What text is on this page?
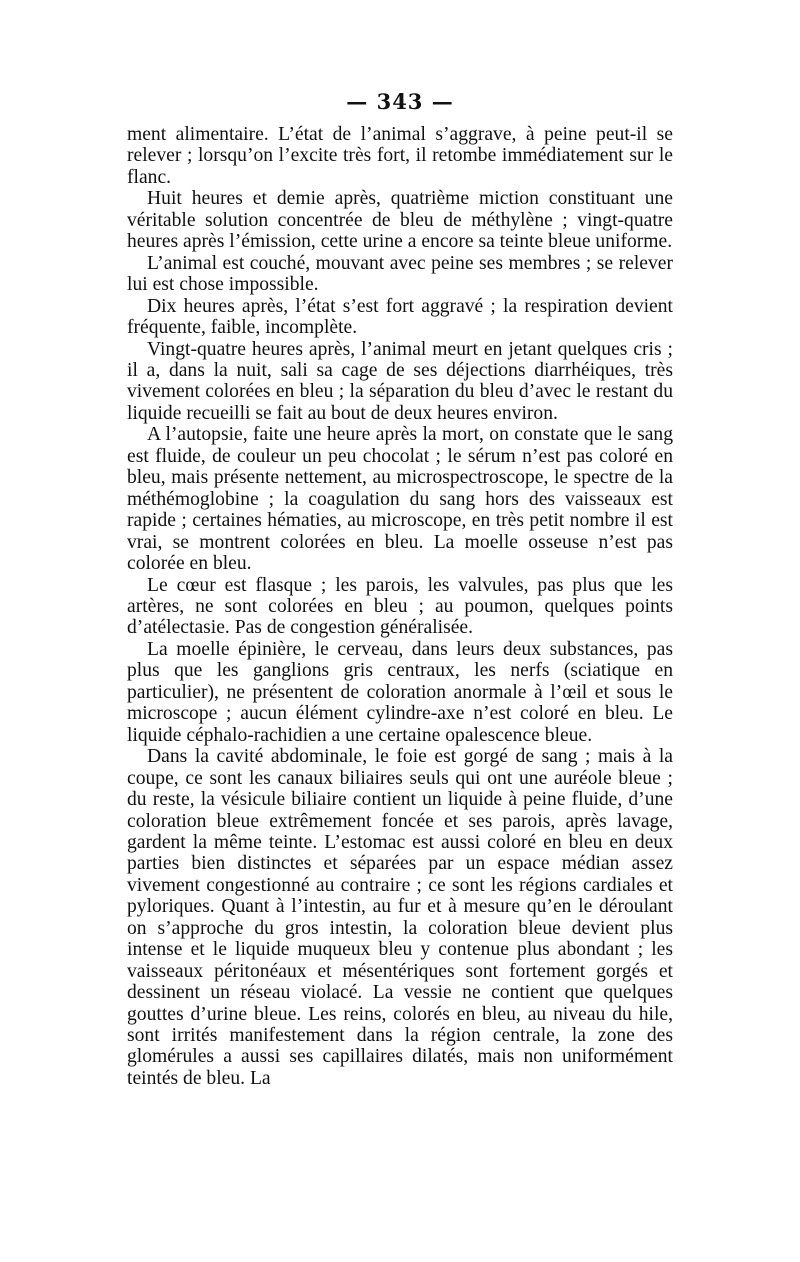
— 343 —

ment alimentaire. L’état de l’animal s’aggrave, à peine peut-il se relever ; lorsqu’on l’excite très fort, il retombe immédiatement sur le flanc.

Huit heures et demie après, quatrième miction constituant une véritable solution concentrée de bleu de méthylène ; vingt-quatre heures après l’émission, cette urine a encore sa teinte bleue uniforme.

L’animal est couché, mouvant avec peine ses membres ; se relever lui est chose impossible.

Dix heures après, l’état s’est fort aggravé ; la respiration devient fréquente, faible, incomplète.

Vingt-quatre heures après, l’animal meurt en jetant quelques cris ; il a, dans la nuit, sali sa cage de ses déjections diarrhéiques, très vivement colorées en bleu ; la séparation du bleu d’avec le restant du liquide recueilli se fait au bout de deux heures environ.

A l’autopsie, faite une heure après la mort, on constate que le sang est fluide, de couleur un peu chocolat ; le sérum n’est pas coloré en bleu, mais présente nettement, au microspectroscope, le spectre de la méthémoglobine ; la coagulation du sang hors des vaisseaux est rapide ; certaines hématies, au microscope, en très petit nombre il est vrai, se montrent colorées en bleu. La moelle osseuse n’est pas colorée en bleu.

Le cœur est flasque ; les parois, les valvules, pas plus que les artères, ne sont colorées en bleu ; au poumon, quelques points d’atélectasie. Pas de congestion généralisée.

La moelle épinière, le cerveau, dans leurs deux substances, pas plus que les ganglions gris centraux, les nerfs (sciatique en particulier), ne présentent de coloration anormale à l’œil et sous le microscope ; aucun élément cylindre-axe n’est coloré en bleu. Le liquide céphalo-rachidien a une certaine opalescence bleue.

Dans la cavité abdominale, le foie est gorgé de sang ; mais à la coupe, ce sont les canaux biliaires seuls qui ont une auréole bleue ; du reste, la vésicule biliaire contient un liquide à peine fluide, d’une coloration bleue extrêmement foncée et ses parois, après lavage, gardent la même teinte. L’estomac est aussi coloré en bleu en deux parties bien distinctes et séparées par un espace médian assez vivement congestionné au contraire ; ce sont les régions cardiales et pyloriques. Quant à l’intestin, au fur et à mesure qu’en le déroulant on s’approche du gros intestin, la coloration bleue devient plus intense et le liquide muqueux bleu y contenue plus abondant ; les vaisseaux péritonéaux et mésentériques sont fortement gorgés et dessinent un réseau violacé. La vessie ne contient que quelques gouttes d’urine bleue. Les reins, colorés en bleu, au niveau du hile, sont irrités manifestement dans la région centrale, la zone des glomérules a aussi ses capillaires dilatés, mais non uniformément teintés de bleu. La
